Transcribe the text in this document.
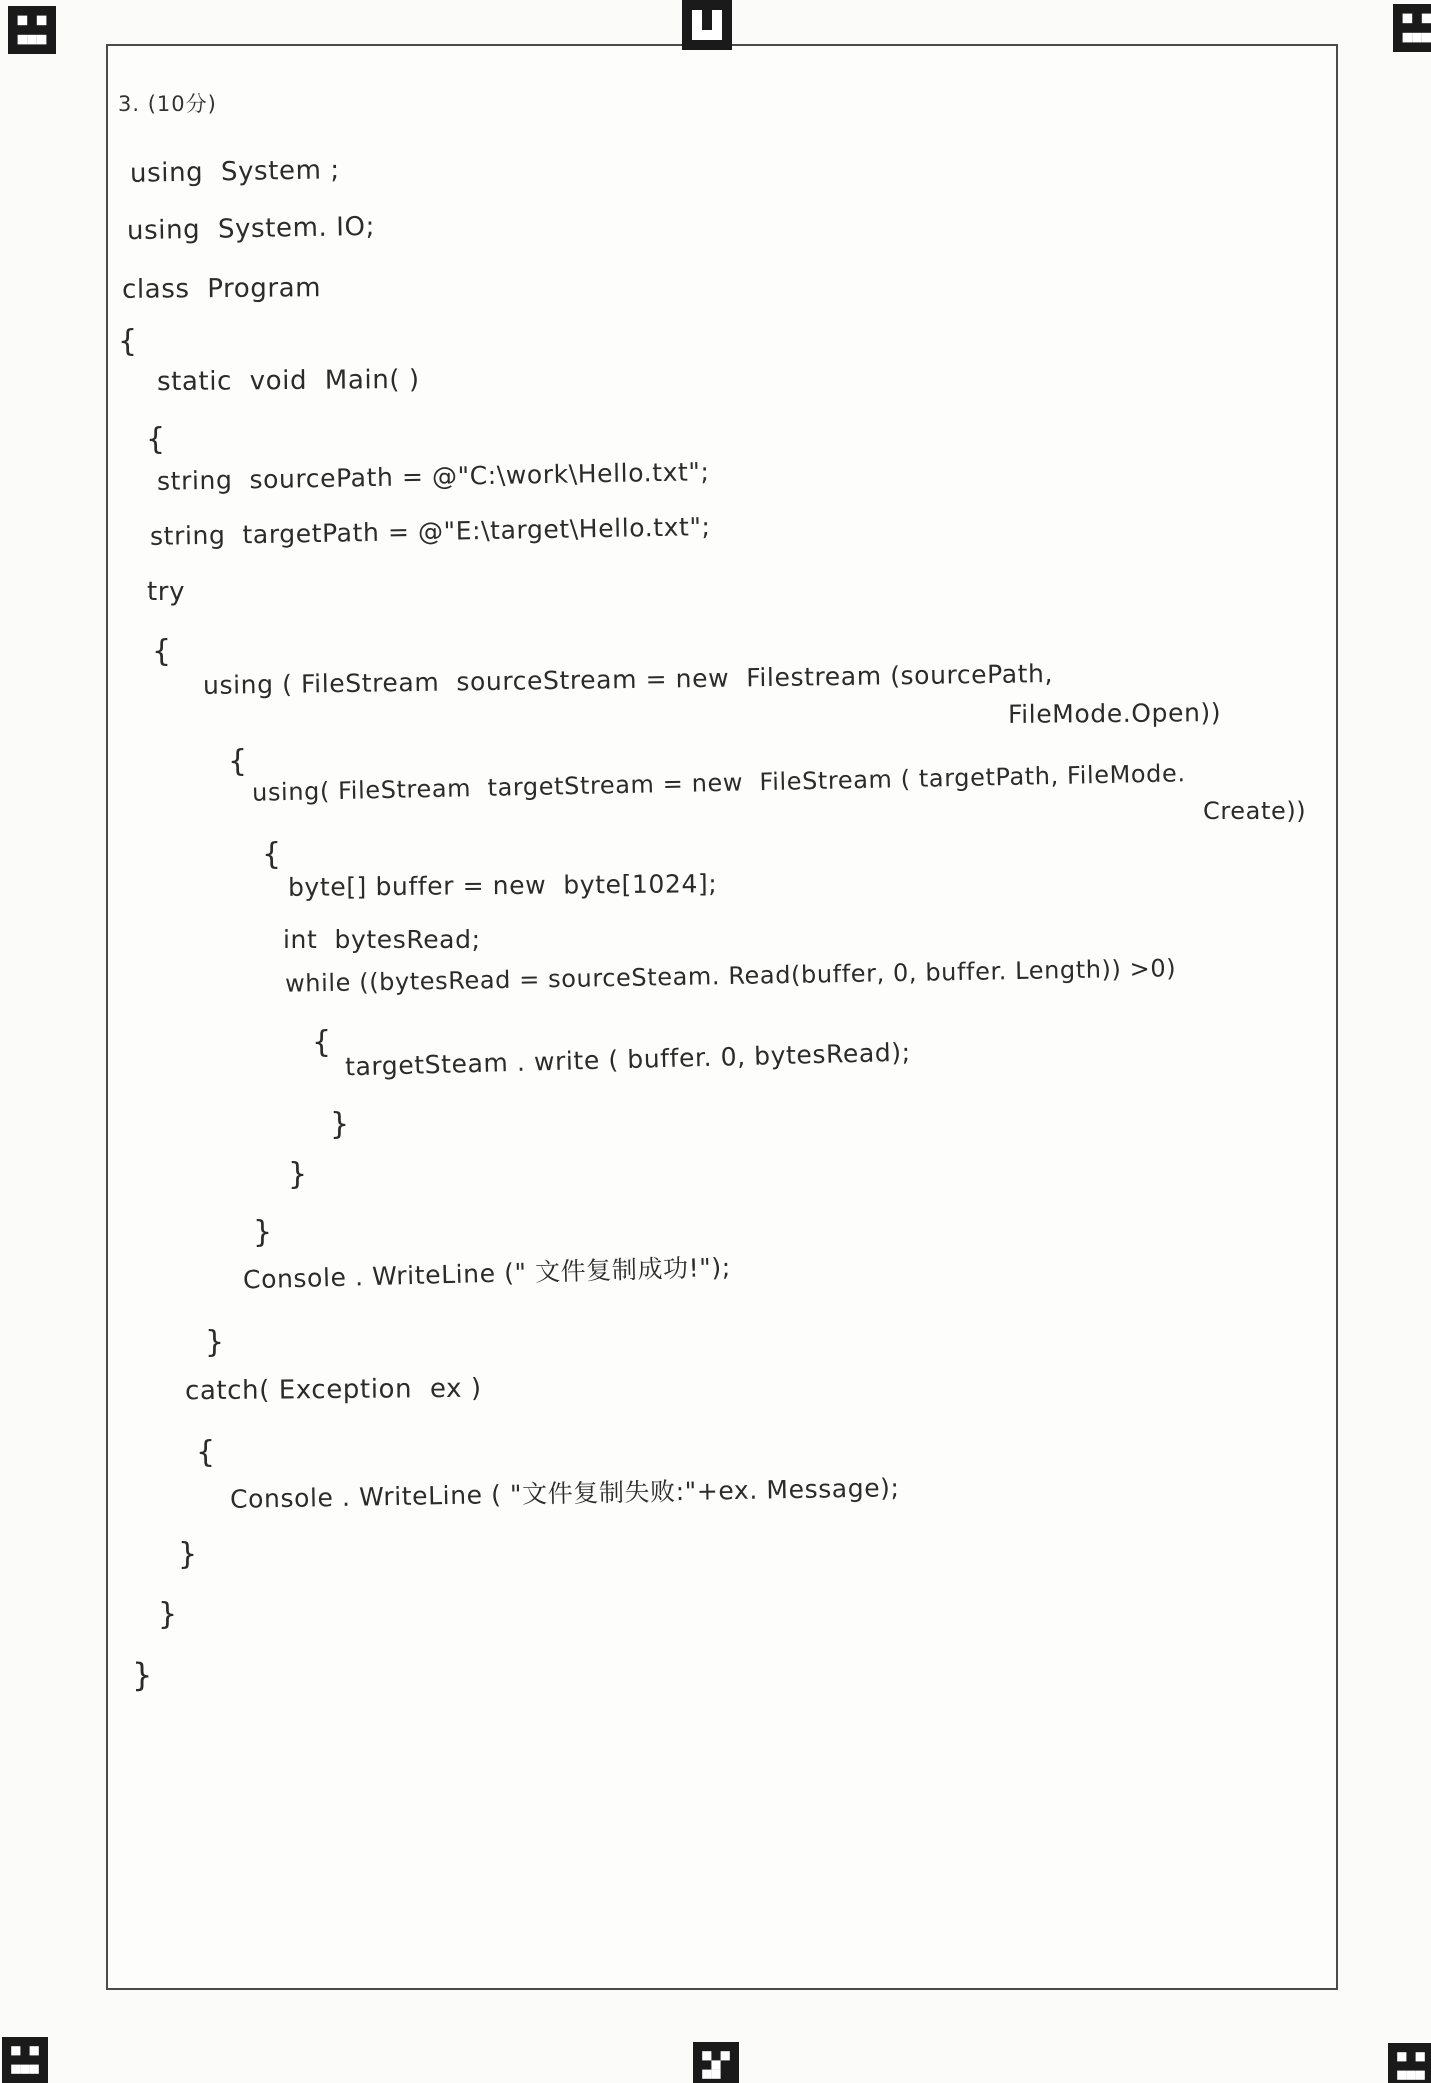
3. (10分)
using  System ;
using  System. IO;
class  Program
{
static  void  Main( )
{
string  sourcePath = @"C:\work\Hello.txt";
string  targetPath = @"E:\target\Hello.txt";
try
{
using ( FileStream  sourceStream = new  Filestream (sourcePath,
FileMode.Open))
{ using( FileStream  targetStream = new  FileStream ( targetPath, FileMode.
Create))
{
byte[] buffer = new  byte[1024];
int  bytesRead;
while ((bytesRead = sourceSteam. Read(buffer, 0, buffer. Length)) >0)
{ targetSteam . write ( buffer. 0, bytesRead);
}
}
}
Console . WriteLine (" 文件复制成功!");
}
catch( Exception  ex )
{
Console . WriteLine ( "文件复制失败:"+ex. Message);
}
}
}
